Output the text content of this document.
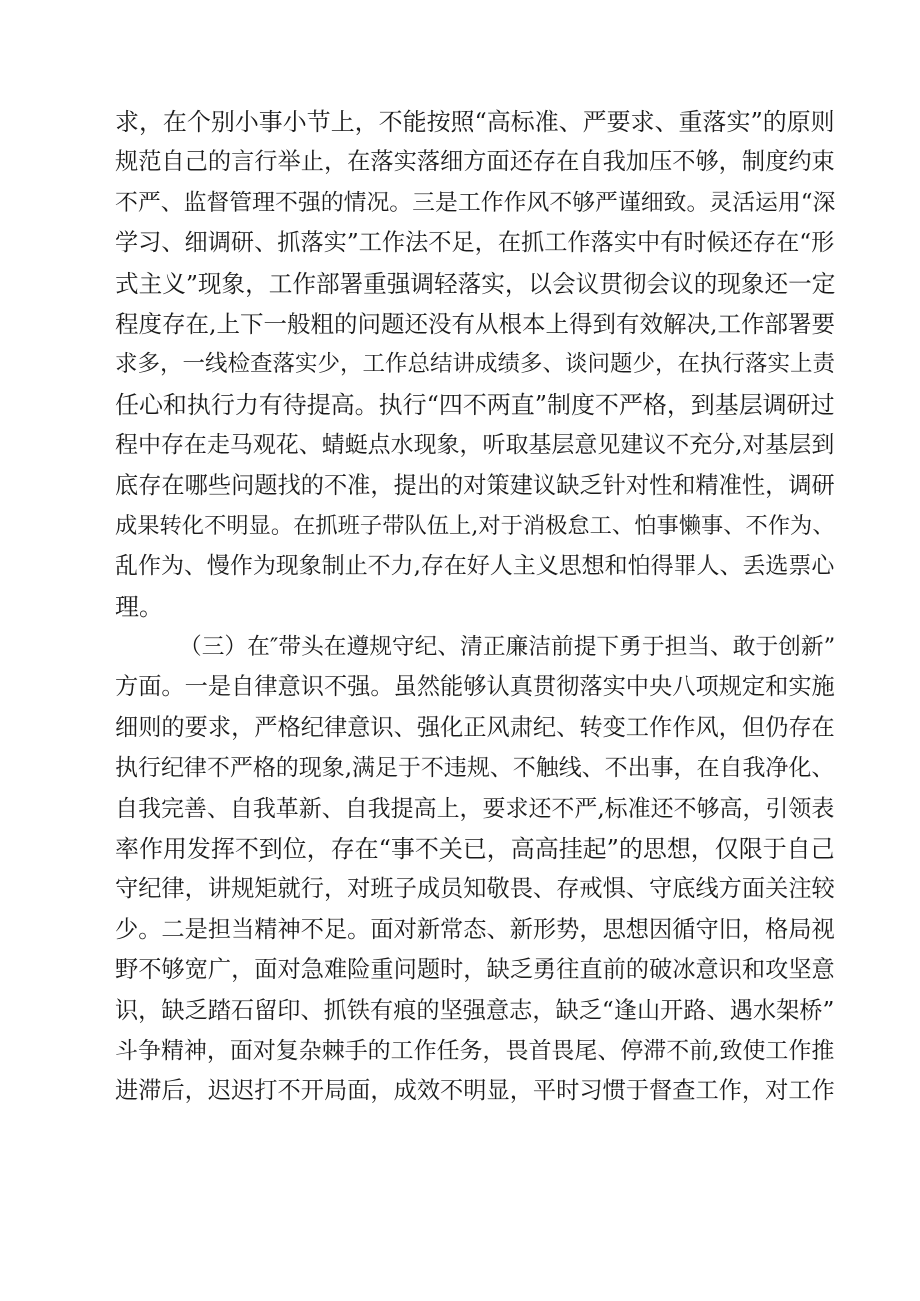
求，在个别小事小节上，不能按照“高标准、严要求、重落实”的原则
规范自己的言行举止，在落实落细方面还存在自我加压不够，制度约束
不严、监督管理不强的情况。三是工作作风不够严谨细致。灵活运用“深
学习、细调研、抓落实”工作法不足，在抓工作落实中有时候还存在“形
式主义”现象，工作部署重强调轻落实，以会议贯彻会议的现象还一定
程度存在,上下一般粗的问题还没有从根本上得到有效解决,工作部署要
求多，一线检查落实少，工作总结讲成绩多、谈问题少，在执行落实上责
任心和执行力有待提高。执行“四不两直”制度不严格，到基层调研过
程中存在走马观花、蜻蜓点水现象，听取基层意见建议不充分,对基层到
底存在哪些问题找的不准，提出的对策建议缺乏针对性和精准性，调研
成果转化不明显。在抓班子带队伍上,对于消极怠工、怕事懒事、不作为、
乱作为、慢作为现象制止不力,存在好人主义思想和怕得罪人、丢选票心
理。
（三）在″带头在遵规守纪、清正廉洁前提下勇于担当、敢于创新”
方面。一是自律意识不强。虽然能够认真贯彻落实中央八项规定和实施
细则的要求，严格纪律意识、强化正风肃纪、转变工作作风，但仍存在
执行纪律不严格的现象,满足于不违规、不触线、不出事，在自我净化、
自我完善、自我革新、自我提高上，要求还不严,标准还不够高，引领表
率作用发挥不到位，存在“事不关已，高高挂起”的思想，仅限于自己
守纪律，讲规矩就行，对班子成员知敬畏、存戒惧、守底线方面关注较
少。二是担当精神不足。面对新常态、新形势，思想因循守旧，格局视
野不够宽广，面对急难险重问题时，缺乏勇往直前的破冰意识和攻坚意
识，缺乏踏石留印、抓铁有痕的坚强意志，缺乏“逢山开路、遇水架桥”
斗争精神，面对复杂棘手的工作任务，畏首畏尾、停滞不前,致使工作推
进滞后，迟迟打不开局面，成效不明显，平时习惯于督查工作，对工作
